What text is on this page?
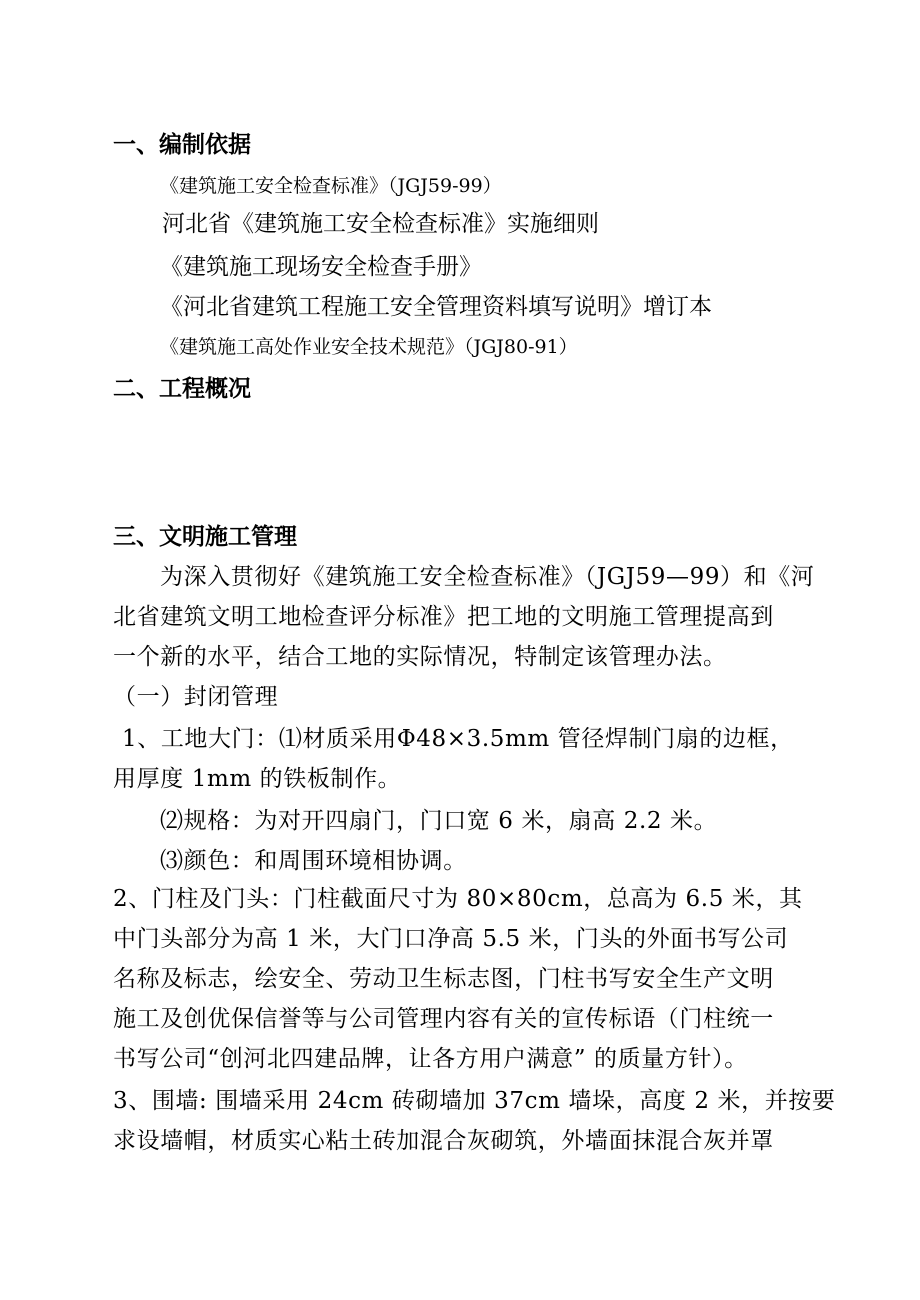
一、编制依据
《建筑施工安全检查标准》（JGJ59-99）
河北省《建筑施工安全检查标准》实施细则
《建筑施工现场安全检查手册》
《河北省建筑工程施工安全管理资料填写说明》增订本
《建筑施工高处作业安全技术规范》（JGJ80-91）
二、工程概况
三、文明施工管理
为深入贯彻好《建筑施工安全检查标准》（JGJ59—99）和《河
北省建筑文明工地检查评分标准》把工地的文明施工管理提高到
一个新的水平，结合工地的实际情况，特制定该管理办法。
（一）封闭管理
1、工地大门：⑴材质采用Φ48×3.5mm 管径焊制门扇的边框，
用厚度 1mm 的铁板制作。
⑵规格：为对开四扇门，门口宽 6 米，扇高 2.2 米。
⑶颜色：和周围环境相协调。
2、门柱及门头：门柱截面尺寸为 80×80cm，总高为 6.5 米，其
中门头部分为高 1 米，大门口净高 5.5 米，门头的外面书写公司
名称及标志，绘安全、劳动卫生标志图，门柱书写安全生产文明
施工及创优保信誉等与公司管理内容有关的宣传标语（门柱统一
书写公司“创河北四建品牌，让各方用户满意” 的质量方针）。
3、围墙: 围墙采用 24cm 砖砌墙加 37cm 墙垛，高度 2 米，并按要
求设墙帽，材质实心粘土砖加混合灰砌筑，外墙面抹混合灰并罩
